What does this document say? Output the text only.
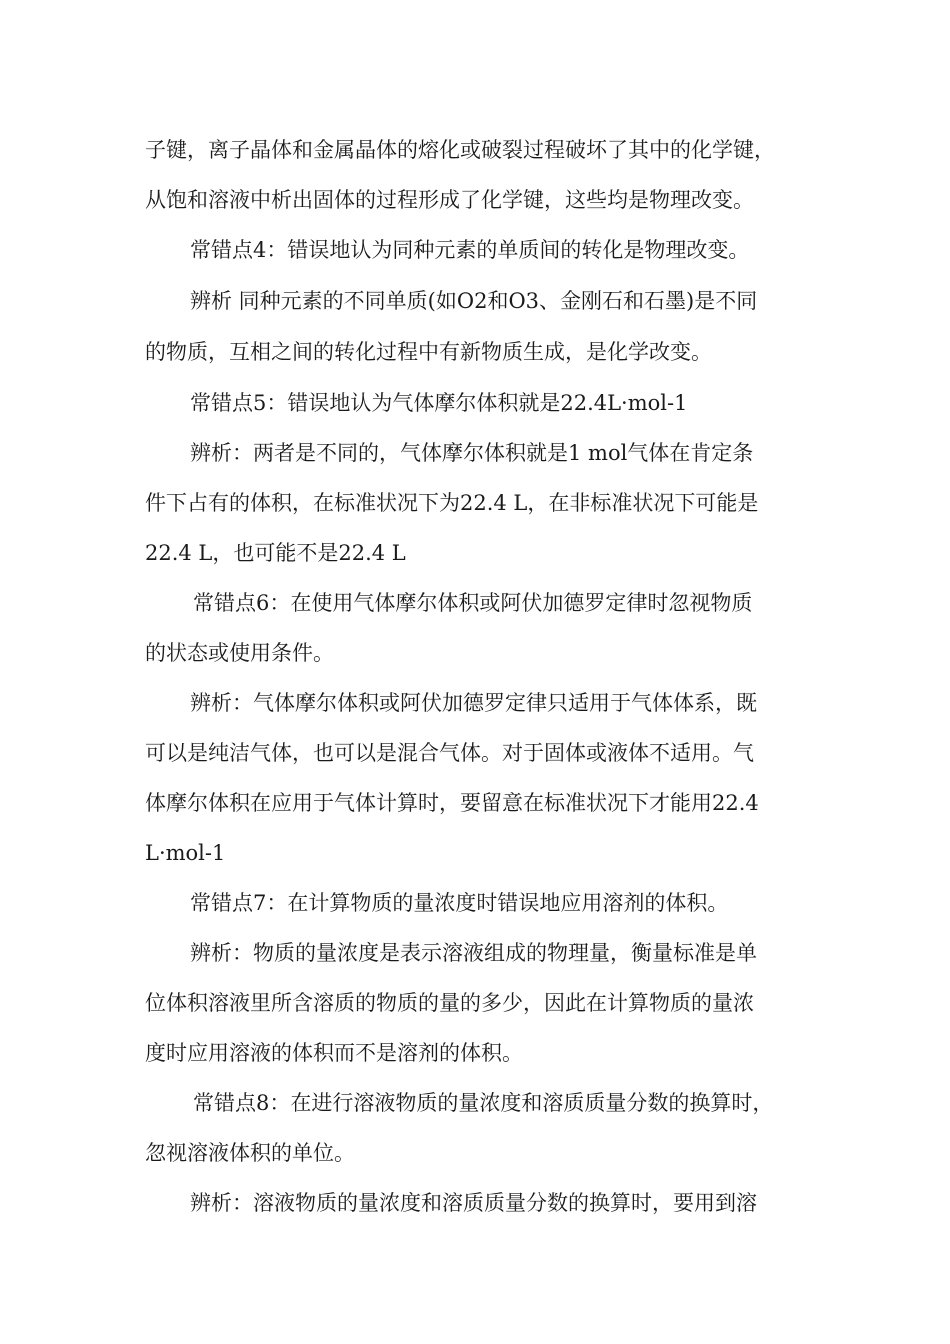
子键，离子晶体和金属晶体的熔化或破裂过程破坏了其中的化学键，
从饱和溶液中析出固体的过程形成了化学键，这些均是物理改变。
常错点4：错误地认为同种元素的单质间的转化是物理改变。
辨析 同种元素的不同单质(如O2和O3、金刚石和石墨)是不同
的物质，互相之间的转化过程中有新物质生成，是化学改变。
常错点5：错误地认为气体摩尔体积就是22.4L·mol-1
辨析：两者是不同的，气体摩尔体积就是1 mol气体在肯定条
件下占有的体积，在标准状况下为22.4 L，在非标准状况下可能是
22.4 L，也可能不是22.4 L
常错点6：在使用气体摩尔体积或阿伏加德罗定律时忽视物质
的状态或使用条件。
辨析：气体摩尔体积或阿伏加德罗定律只适用于气体体系，既
可以是纯洁气体，也可以是混合气体。对于固体或液体不适用。气
体摩尔体积在应用于气体计算时，要留意在标准状况下才能用22.4
L·mol-1
常错点7：在计算物质的量浓度时错误地应用溶剂的体积。
辨析：物质的量浓度是表示溶液组成的物理量，衡量标准是单
位体积溶液里所含溶质的物质的量的多少，因此在计算物质的量浓
度时应用溶液的体积而不是溶剂的体积。
常错点8：在进行溶液物质的量浓度和溶质质量分数的换算时，
忽视溶液体积的单位。
辨析：溶液物质的量浓度和溶质质量分数的换算时，要用到溶
